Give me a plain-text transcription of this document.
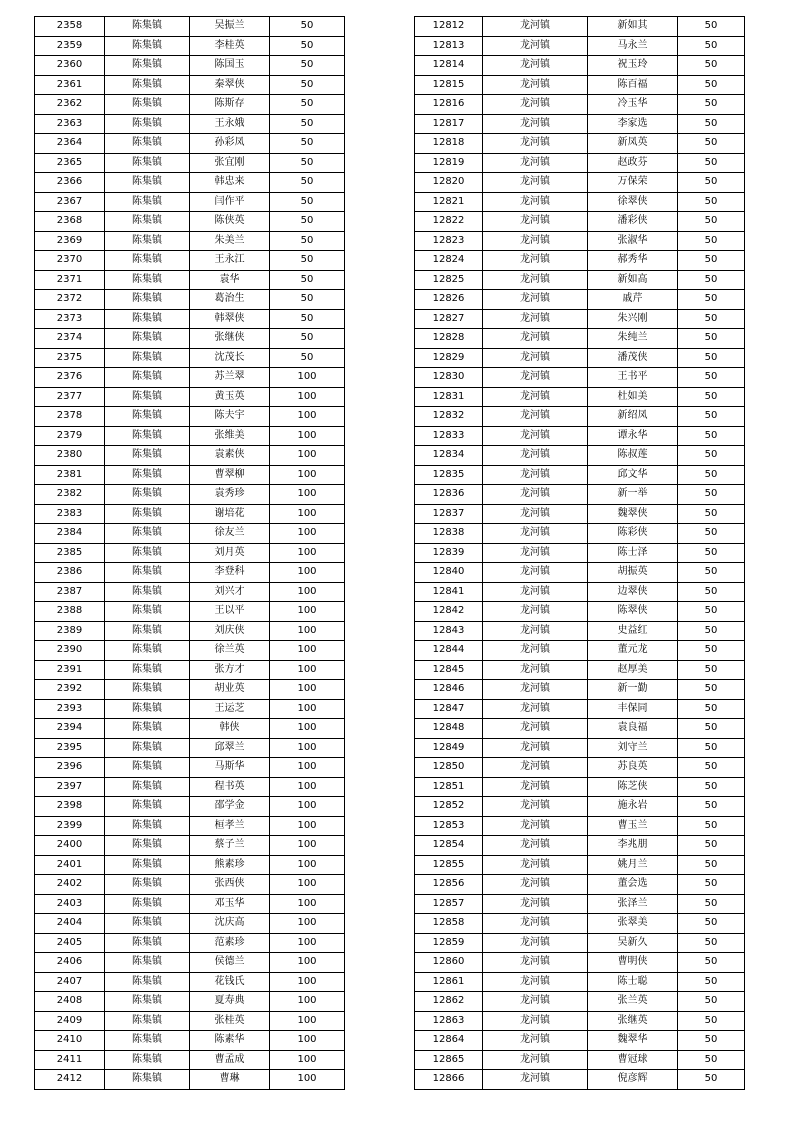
2358	陈集镇	吴振兰	50
2359	陈集镇	李桂英	50
2360	陈集镇	陈国玉	50
2361	陈集镇	秦翠侠	50
2362	陈集镇	陈斯存	50
2363	陈集镇	王永娥	50
2364	陈集镇	孙彩凤	50
2365	陈集镇	张宜刚	50
2366	陈集镇	韩忠来	50
2367	陈集镇	闫作平	50
2368	陈集镇	陈侠英	50
2369	陈集镇	朱美兰	50
2370	陈集镇	王永江	50
2371	陈集镇	袁华	50
2372	陈集镇	葛治生	50
2373	陈集镇	韩翠侠	50
2374	陈集镇	张继侠	50
2375	陈集镇	沈茂长	50
2376	陈集镇	苏兰翠	100
2377	陈集镇	黄玉英	100
2378	陈集镇	陈夫宇	100
2379	陈集镇	张维美	100
2380	陈集镇	袁素侠	100
2381	陈集镇	曹翠柳	100
2382	陈集镇	袁秀珍	100
2383	陈集镇	谢培花	100
2384	陈集镇	徐友兰	100
2385	陈集镇	刘月英	100
2386	陈集镇	李登科	100
2387	陈集镇	刘兴才	100
2388	陈集镇	王以平	100
2389	陈集镇	刘庆侠	100
2390	陈集镇	徐兰英	100
2391	陈集镇	张方才	100
2392	陈集镇	胡业英	100
2393	陈集镇	王运芝	100
2394	陈集镇	韩侠	100
2395	陈集镇	邱翠兰	100
2396	陈集镇	马斯华	100
2397	陈集镇	程书英	100
2398	陈集镇	邵学金	100
2399	陈集镇	桓孝兰	100
2400	陈集镇	蔡子兰	100
2401	陈集镇	熊素珍	100
2402	陈集镇	张西侠	100
2403	陈集镇	邓玉华	100
2404	陈集镇	沈庆高	100
2405	陈集镇	范素珍	100
2406	陈集镇	侯德兰	100
2407	陈集镇	花钱氏	100
2408	陈集镇	夏寿典	100
2409	陈集镇	张桂英	100
2410	陈集镇	陈素华	100
2411	陈集镇	曹孟成	100
2412	陈集镇	曹琳	100
12812	龙河镇	新如其	50
12813	龙河镇	马永兰	50
12814	龙河镇	祝玉玲	50
12815	龙河镇	陈百福	50
12816	龙河镇	冷玉华	50
12817	龙河镇	李家选	50
12818	龙河镇	新凤英	50
12819	龙河镇	赵政芬	50
12820	龙河镇	万保荣	50
12821	龙河镇	徐翠侠	50
12822	龙河镇	潘彩侠	50
12823	龙河镇	张淑华	50
12824	龙河镇	郝秀华	50
12825	龙河镇	新如高	50
12826	龙河镇	戚芹	50
12827	龙河镇	朱兴刚	50
12828	龙河镇	朱纯兰	50
12829	龙河镇	潘茂侠	50
12830	龙河镇	王书平	50
12831	龙河镇	杜如美	50
12832	龙河镇	新绍凤	50
12833	龙河镇	谭永华	50
12834	龙河镇	陈叔莲	50
12835	龙河镇	邱文华	50
12836	龙河镇	新一举	50
12837	龙河镇	魏翠侠	50
12838	龙河镇	陈彩侠	50
12839	龙河镇	陈士泽	50
12840	龙河镇	胡振英	50
12841	龙河镇	边翠侠	50
12842	龙河镇	陈翠侠	50
12843	龙河镇	史益红	50
12844	龙河镇	董元龙	50
12845	龙河镇	赵厚美	50
12846	龙河镇	新一勤	50
12847	龙河镇	丰保同	50
12848	龙河镇	袁良福	50
12849	龙河镇	刘守兰	50
12850	龙河镇	苏良英	50
12851	龙河镇	陈芝侠	50
12852	龙河镇	施永岩	50
12853	龙河镇	曹玉兰	50
12854	龙河镇	李兆朋	50
12855	龙河镇	姚月兰	50
12856	龙河镇	董会选	50
12857	龙河镇	张泽兰	50
12858	龙河镇	张翠美	50
12859	龙河镇	吴新久	50
12860	龙河镇	曹明侠	50
12861	龙河镇	陈士聪	50
12862	龙河镇	张兰英	50
12863	龙河镇	张继英	50
12864	龙河镇	魏翠华	50
12865	龙河镇	曹冠球	50
12866	龙河镇	倪彦辉	50
